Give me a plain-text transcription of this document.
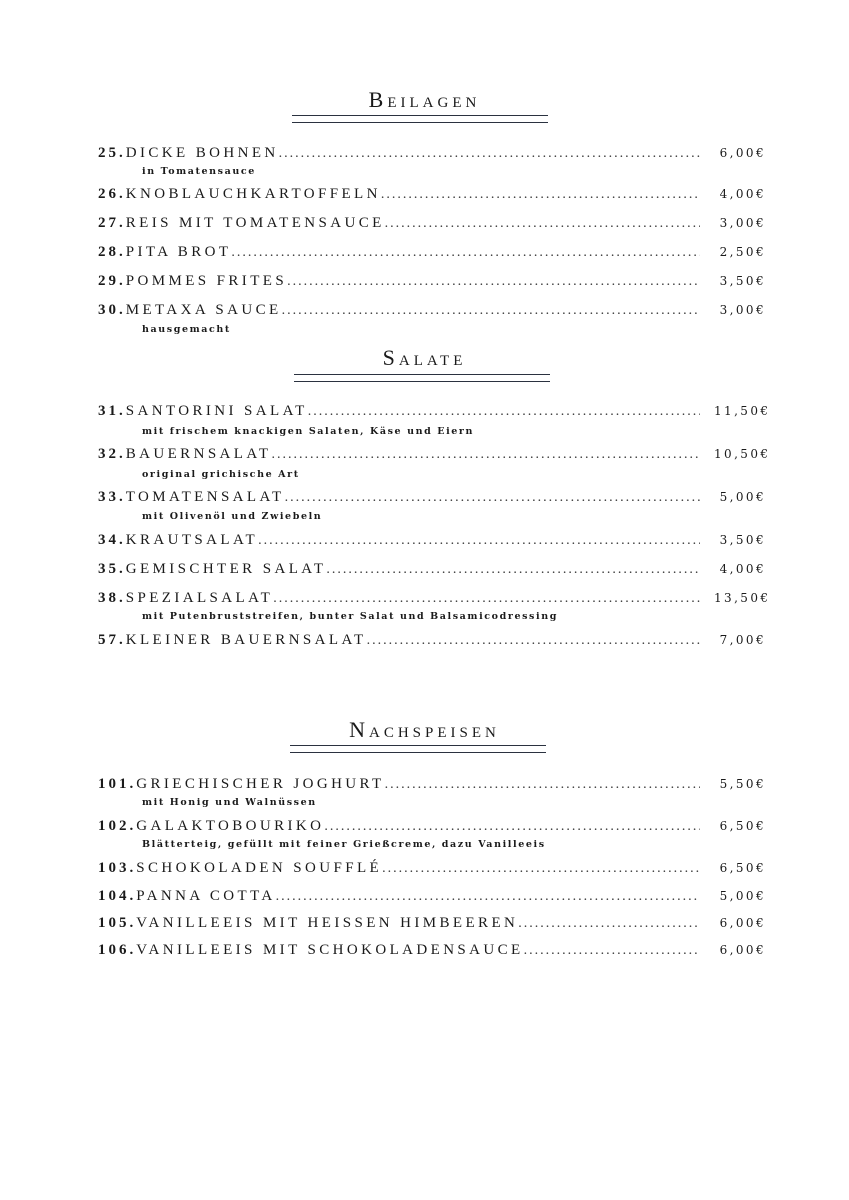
Beilagen
25. DICKE BOHNEN .....	6,00€
in Tomatensauce
26. KNOBLAUCHKARTOFFELN .....	4,00€
27. REIS MIT TOMATENSAUCE .....	3,00€
28. PITA BROT .....	2,50€
29. POMMES FRITES .....	3,50€
30. METAXA SAUCE .....	3,00€
hausgemacht
Salate
31. SANTORINI SALAT .....	11,50€
mit frischem knackigen Salaten, Käse und Eiern
32. BAUERNSALAT .....	10,50€
original grichische Art
33. TOMATENSALAT .....	5,00€
mit Olivenöl und Zwiebeln
34. KRAUTSALAT .....	3,50€
35. GEMISCHTER SALAT .....	4,00€
38. SPEZIALSALAT .....	13,50€
mit Putenbruststreifen, bunter Salat und Balsamicodressing
57. KLEINER BAUERNSALAT .....	7,00€
Nachspeisen
101. GRIECHISCHER JOGHURT .....	5,50€
mit Honig und Walnüssen
102. GALAKTOBOURIKO .....	6,50€
Blätterteig, gefüllt mit feiner Grießcreme, dazu Vanilleeis
103. SCHOKOLADEN SOUFFLÉ .....	6,50€
104. PANNA COTTA .....	5,00€
105. VANILLEEIS MIT HEISSEN HIMBEEREN .....	6,00€
106. VANILLEEIS MIT SCHOKOLADENSAUCE .....	6,00€
